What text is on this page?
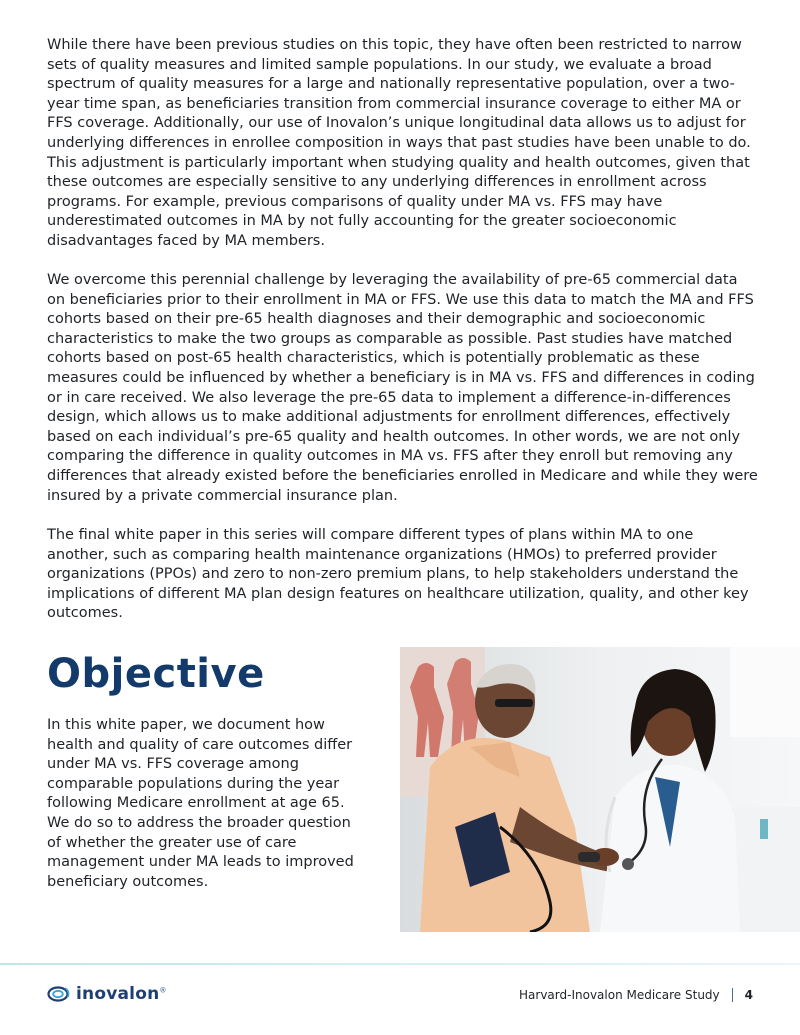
While there have been previous studies on this topic, they have often been restricted to narrow sets of quality measures and limited sample populations. In our study, we evaluate a broad spectrum of quality measures for a large and nationally representative population, over a two-year time span, as beneficiaries transition from commercial insurance coverage to either MA or FFS coverage. Additionally, our use of Inovalon’s unique longitudinal data allows us to adjust for underlying differences in enrollee composition in ways that past studies have been unable to do. This adjustment is particularly important when studying quality and health outcomes, given that these outcomes are especially sensitive to any underlying differences in enrollment across programs. For example, previous comparisons of quality under MA vs. FFS may have underestimated outcomes in MA by not fully accounting for the greater socioeconomic disadvantages faced by MA members.

We overcome this perennial challenge by leveraging the availability of pre-65 commercial data on beneficiaries prior to their enrollment in MA or FFS. We use this data to match the MA and FFS cohorts based on their pre-65 health diagnoses and their demographic and socioeconomic characteristics to make the two groups as comparable as possible. Past studies have matched cohorts based on post-65 health characteristics, which is potentially problematic as these measures could be influenced by whether a beneficiary is in MA vs. FFS and differences in coding or in care received. We also leverage the pre-65 data to implement a difference-in-differences design, which allows us to make additional adjustments for enrollment differences, effectively based on each individual’s pre-65 quality and health outcomes. In other words, we are not only comparing the difference in quality outcomes in MA vs. FFS after they enroll but removing any differences that already existed before the beneficiaries enrolled in Medicare and while they were insured by a private commercial insurance plan.

The final white paper in this series will compare different types of plans within MA to one another, such as comparing health maintenance organizations (HMOs) to preferred provider organizations (PPOs) and zero to non-zero premium plans, to help stakeholders understand the implications of different MA plan design features on healthcare utilization, quality, and other key outcomes.

Objective

In this white paper, we document how health and quality of care outcomes differ under MA vs. FFS coverage among comparable populations during the year following Medicare enrollment at age 65. We do so to address the broader question of whether the greater use of care management under MA leads to improved beneficiary outcomes.

inovalon®	Harvard-Inovalon Medicare Study 4
